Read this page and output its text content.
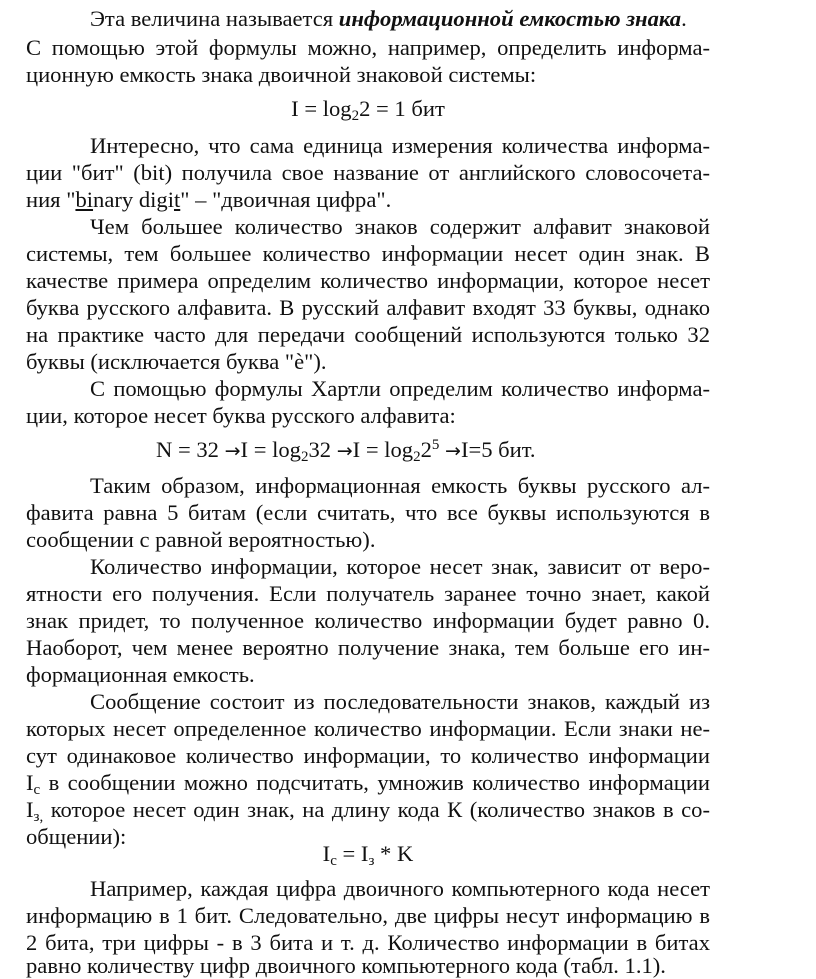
Эта величина называется информационной емкостью знака.
С помощью этой формулы можно, например, определить информа-
ционную емкость знака двоичной знаковой системы:
$I = \log_22 = 1$ бит
Интересно, что сама единица измерения количества информа-
ции "бит" (bit) получила свое название от английского словосочета-
ния "binary digit" – "двоичная цифра".
Чем большее количество знаков содержит алфавит знаковой
системы, тем большее количество информации несет один знак. В
качестве примера определим количество информации, которое несет
буква русского алфавита. В русский алфавит входят 33 буквы, однако
на практике часто для передачи сообщений используются только 32
буквы (исключается буква "ѐ").
С помощью формулы Хартли определим количество информа-
ции, которое несет буква русского алфавита:
$N = 32 \to I = \log_232 \to I = \log_22^5 \to I=5$ бит.
Таким образом, информационная емкость буквы русского ал-
фавита равна 5 битам (если считать, что все буквы используются в
сообщении с равной вероятностью).
Количество информации, которое несет знак, зависит от веро-
ятности его получения. Если получатель заранее точно знает, какой
знак придет, то полученное количество информации будет равно 0.
Наоборот, чем менее вероятно получение знака, тем больше его ин-
формационная емкость.
Сообщение состоит из последовательности знаков, каждый из
которых несет определенное количество информации. Если знаки не-
сут одинаковое количество информации, то количество информации
$I_c$ в сообщении можно подсчитать, умножив количество информации
$I_{з,}$ которое несет один знак, на длину кода К (количество знаков в со-
общении):
$I_c = I_з * K$
Например, каждая цифра двоичного компьютерного кода несет
информацию в 1 бит. Следовательно, две цифры несут информацию в
2 бита, три цифры - в 3 бита и т. д. Количество информации в битах
равно количеству цифр двоичного компьютерного кода (табл. 1.1).
